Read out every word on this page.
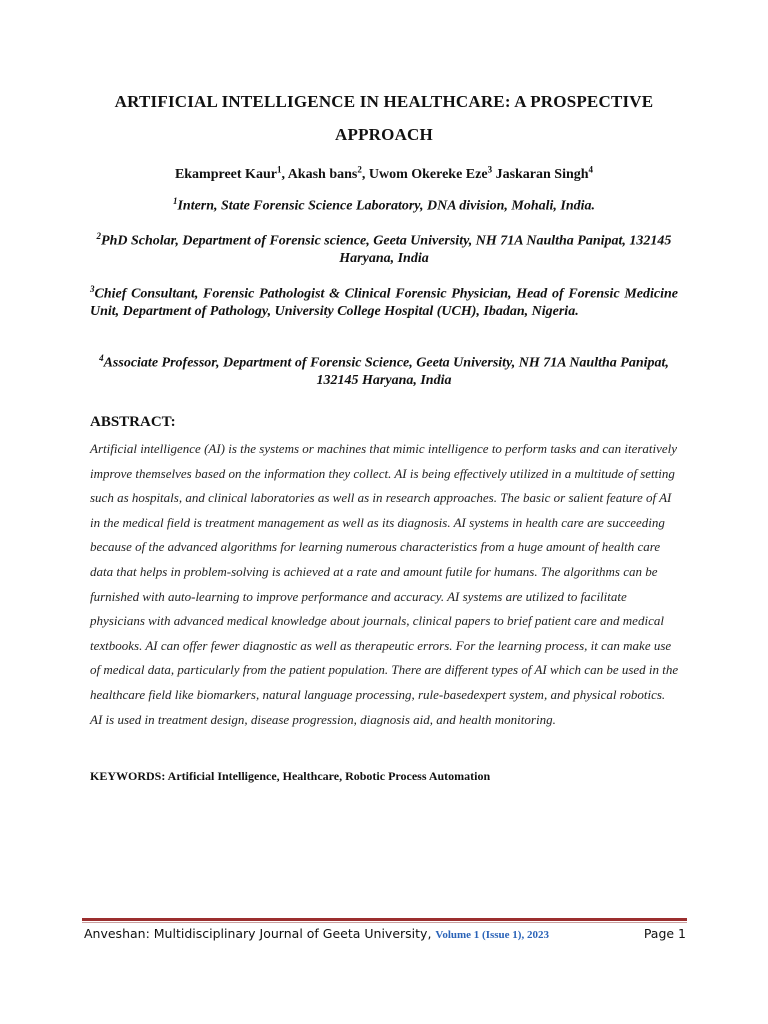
ARTIFICIAL INTELLIGENCE IN HEALTHCARE: A PROSPECTIVE
APPROACH
Ekampreet Kaur$^1$, Akash bans$^2$, Uwom Okereke Eze$^3$ Jaskaran Singh$^4$
$^1$Intern, State Forensic Science Laboratory, DNA division, Mohali, India.
$^2$PhD Scholar, Department of Forensic science, Geeta University, NH 71A Naultha Panipat, 132145 Haryana, India
$^3$Chief Consultant, Forensic Pathologist & Clinical Forensic Physician, Head of Forensic Medicine Unit, Department of Pathology, University College Hospital (UCH), Ibadan, Nigeria.
$^4$Associate Professor, Department of Forensic Science, Geeta University, NH 71A Naultha Panipat, 132145 Haryana, India
ABSTRACT:
Artificial intelligence (AI) is the systems or machines that mimic intelligence to perform tasks and can iteratively improve themselves based on the information they collect. AI is being effectively utilized in a multitude of setting such as hospitals, and clinical laboratories as well as in research approaches. The basic or salient feature of AI in the medical field is treatment management as well as its diagnosis. AI systems in health care are succeeding because of the advanced algorithms for learning numerous characteristics from a huge amount of health care data that helps in problem-solving is achieved at a rate and amount futile for humans. The algorithms can be furnished with auto-learning to improve performance and accuracy. AI systems are utilized to facilitate physicians with advanced medical knowledge about journals, clinical papers to brief patient care and medical textbooks. AI can offer fewer diagnostic as well as therapeutic errors. For the learning process, it can make use of medical data, particularly from the patient population. There are different types of AI which can be used in the healthcare field like biomarkers, natural language processing, rule-basedexpert system, and physical robotics. AI is used in treatment design, disease progression, diagnosis aid, and health monitoring.
KEYWORDS: Artificial Intelligence, Healthcare, Robotic Process Automation
Anveshan: Multidisciplinary Journal of Geeta University, Volume 1 (Issue 1), 2023	Page 1
